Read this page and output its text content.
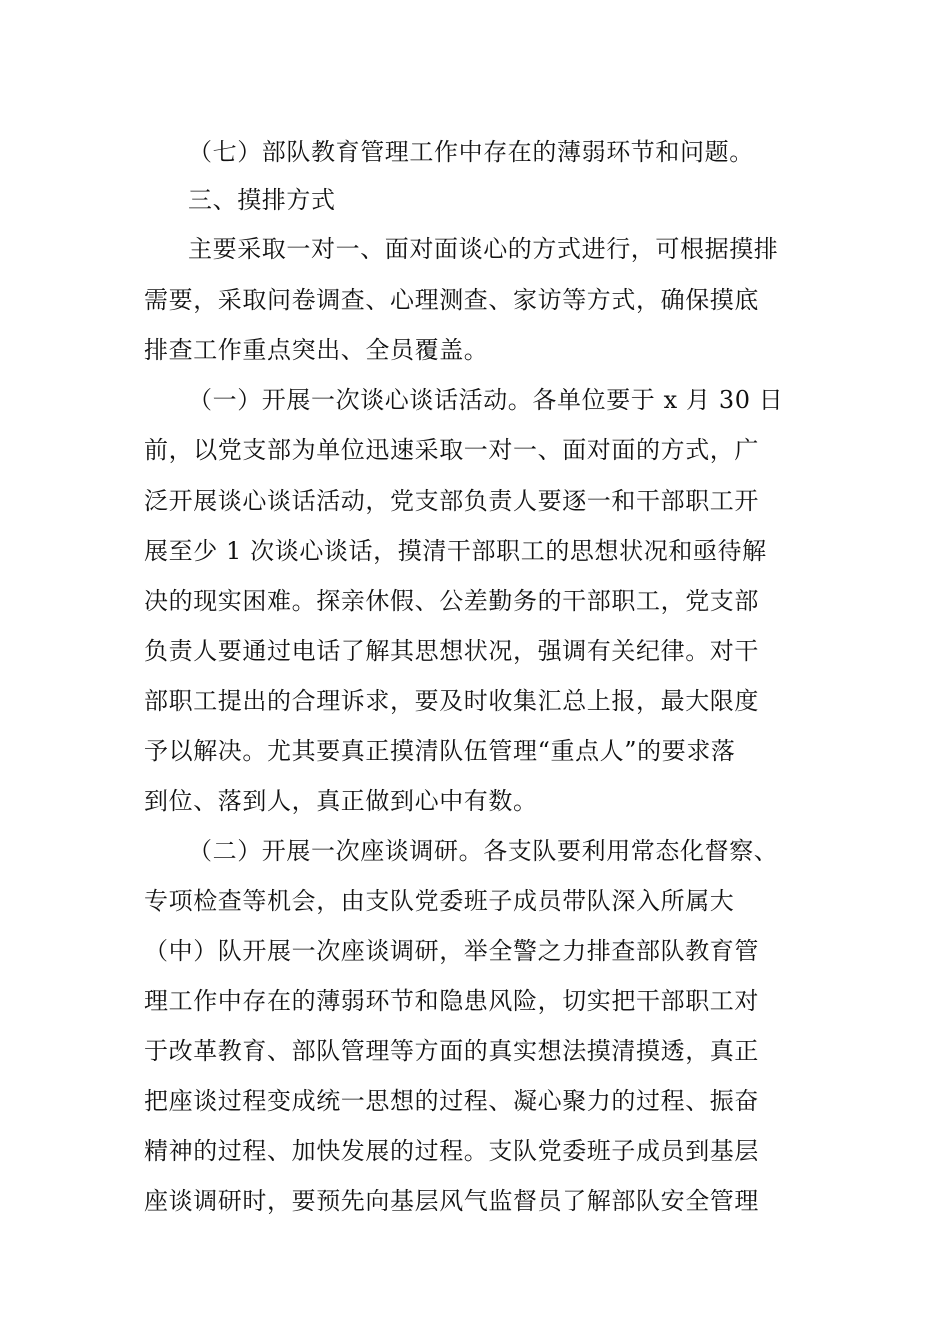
（七）部队教育管理工作中存在的薄弱环节和问题。

三、摸排方式

主要采取一对一、面对面谈心的方式进行，可根据摸排

需要，采取问卷调查、心理测查、家访等方式，确保摸底

排查工作重点突出、全员覆盖。

（一）开展一次谈心谈话活动。各单位要于 x 月 30 日

前，以党支部为单位迅速采取一对一、面对面的方式，广

泛开展谈心谈话活动，党支部负责人要逐一和干部职工开

展至少 1 次谈心谈话，摸清干部职工的思想状况和亟待解

决的现实困难。探亲休假、公差勤务的干部职工，党支部

负责人要通过电话了解其思想状况，强调有关纪律。对干

部职工提出的合理诉求，要及时收集汇总上报，最大限度

予以解决。尤其要真正摸清队伍管理“重点人”的要求落

到位、落到人，真正做到心中有数。

（二）开展一次座谈调研。各支队要利用常态化督察、

专项检查等机会，由支队党委班子成员带队深入所属大

（中）队开展一次座谈调研，举全警之力排查部队教育管

理工作中存在的薄弱环节和隐患风险，切实把干部职工对

于改革教育、部队管理等方面的真实想法摸清摸透，真正

把座谈过程变成统一思想的过程、凝心聚力的过程、振奋

精神的过程、加快发展的过程。支队党委班子成员到基层

座谈调研时，要预先向基层风气监督员了解部队安全管理
